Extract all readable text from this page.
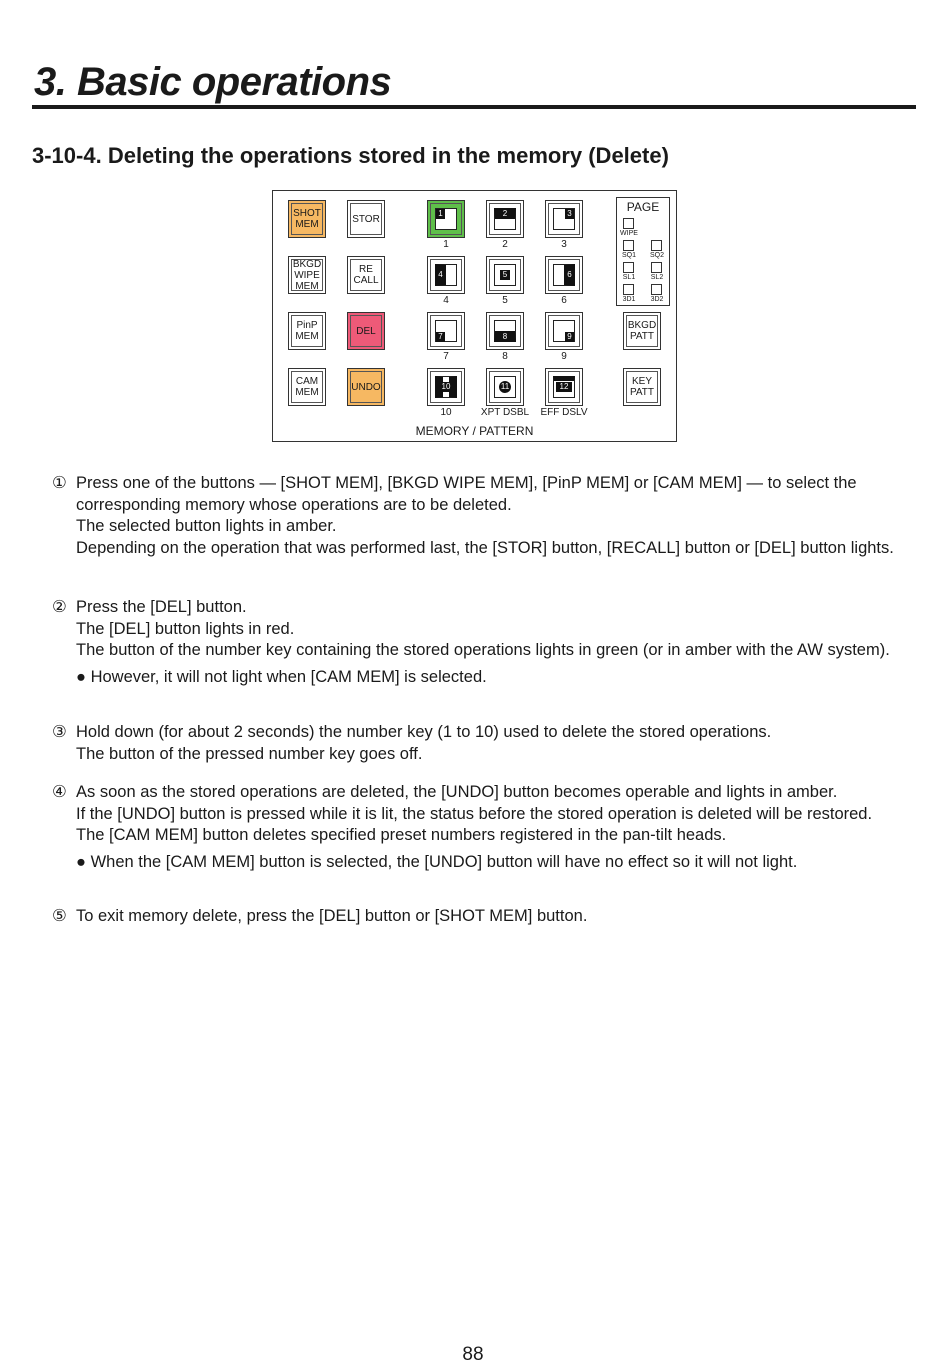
3. Basic operations
3-10-4. Deleting the operations stored in the memory (Delete)
SHOT MEM
BKGD WIPE MEM
PinP MEM
CAM MEM
STOR
RE CALL
DEL
UNDO
1
1
2
2
3
3
4
4
5
5
6
6
7
7
8
8
9
9
10
10
11
XPT DSBL
12
EFF DSLV
PAGE
WIPE
SQ1	SQ2
SL1	SL2
3D1	3D2
BKGD PATT
KEY PATT
MEMORY / PATTERN
① Press one of the buttons — [SHOT MEM], [BKGD WIPE MEM], [PinP MEM] or [CAM MEM] — to select the corresponding memory whose operations are to be deleted.

The selected button lights in amber.

Depending on the operation that was performed last, the [STOR] button, [RECALL] button or [DEL] button lights.

② Press the [DEL] button.

The [DEL] button lights in red.

The button of the number key containing the stored operations lights in green (or in amber with the AW system).

● However, it will not light when [CAM MEM] is selected.
③ Hold down (for about 2 seconds) the number key (1 to 10) used to delete the stored operations.

The button of the pressed number key goes off.

④ As soon as the stored operations are deleted, the [UNDO] button becomes operable and lights in amber.

If the [UNDO] button is pressed while it is lit, the status before the stored operation is deleted will be restored.

The [CAM MEM] button deletes specified preset numbers registered in the pan-tilt heads.

● When the [CAM MEM] button is selected, the [UNDO] button will have no effect so it will not light.
⑤ To exit memory delete, press the [DEL] button or [SHOT MEM] button.

88
